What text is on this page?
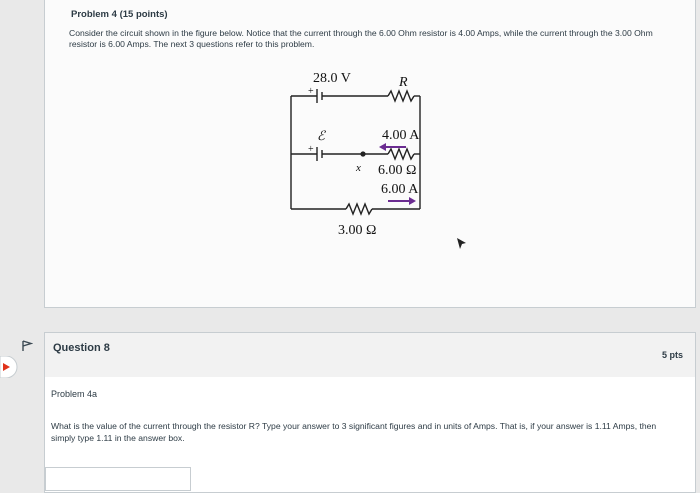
Problem 4 (15 points)
Consider the circuit shown in the figure below. Notice that the current through the 6.00 Ohm resistor is 4.00 Amps, while the current through the 3.00 Ohm resistor is 6.00 Amps. The next 3 questions refer to this problem.
28.0 V
+
R
ℰ
+
4.00 A
x 6.00 Ω
6.00 A
3.00 Ω
Question 8
5 pts
Problem 4a
What is the value of the current through the resistor R? Type your answer to 3 significant figures and in units of Amps. That is, if your answer is 1.11 Amps, then simply type 1.11 in the answer box.
